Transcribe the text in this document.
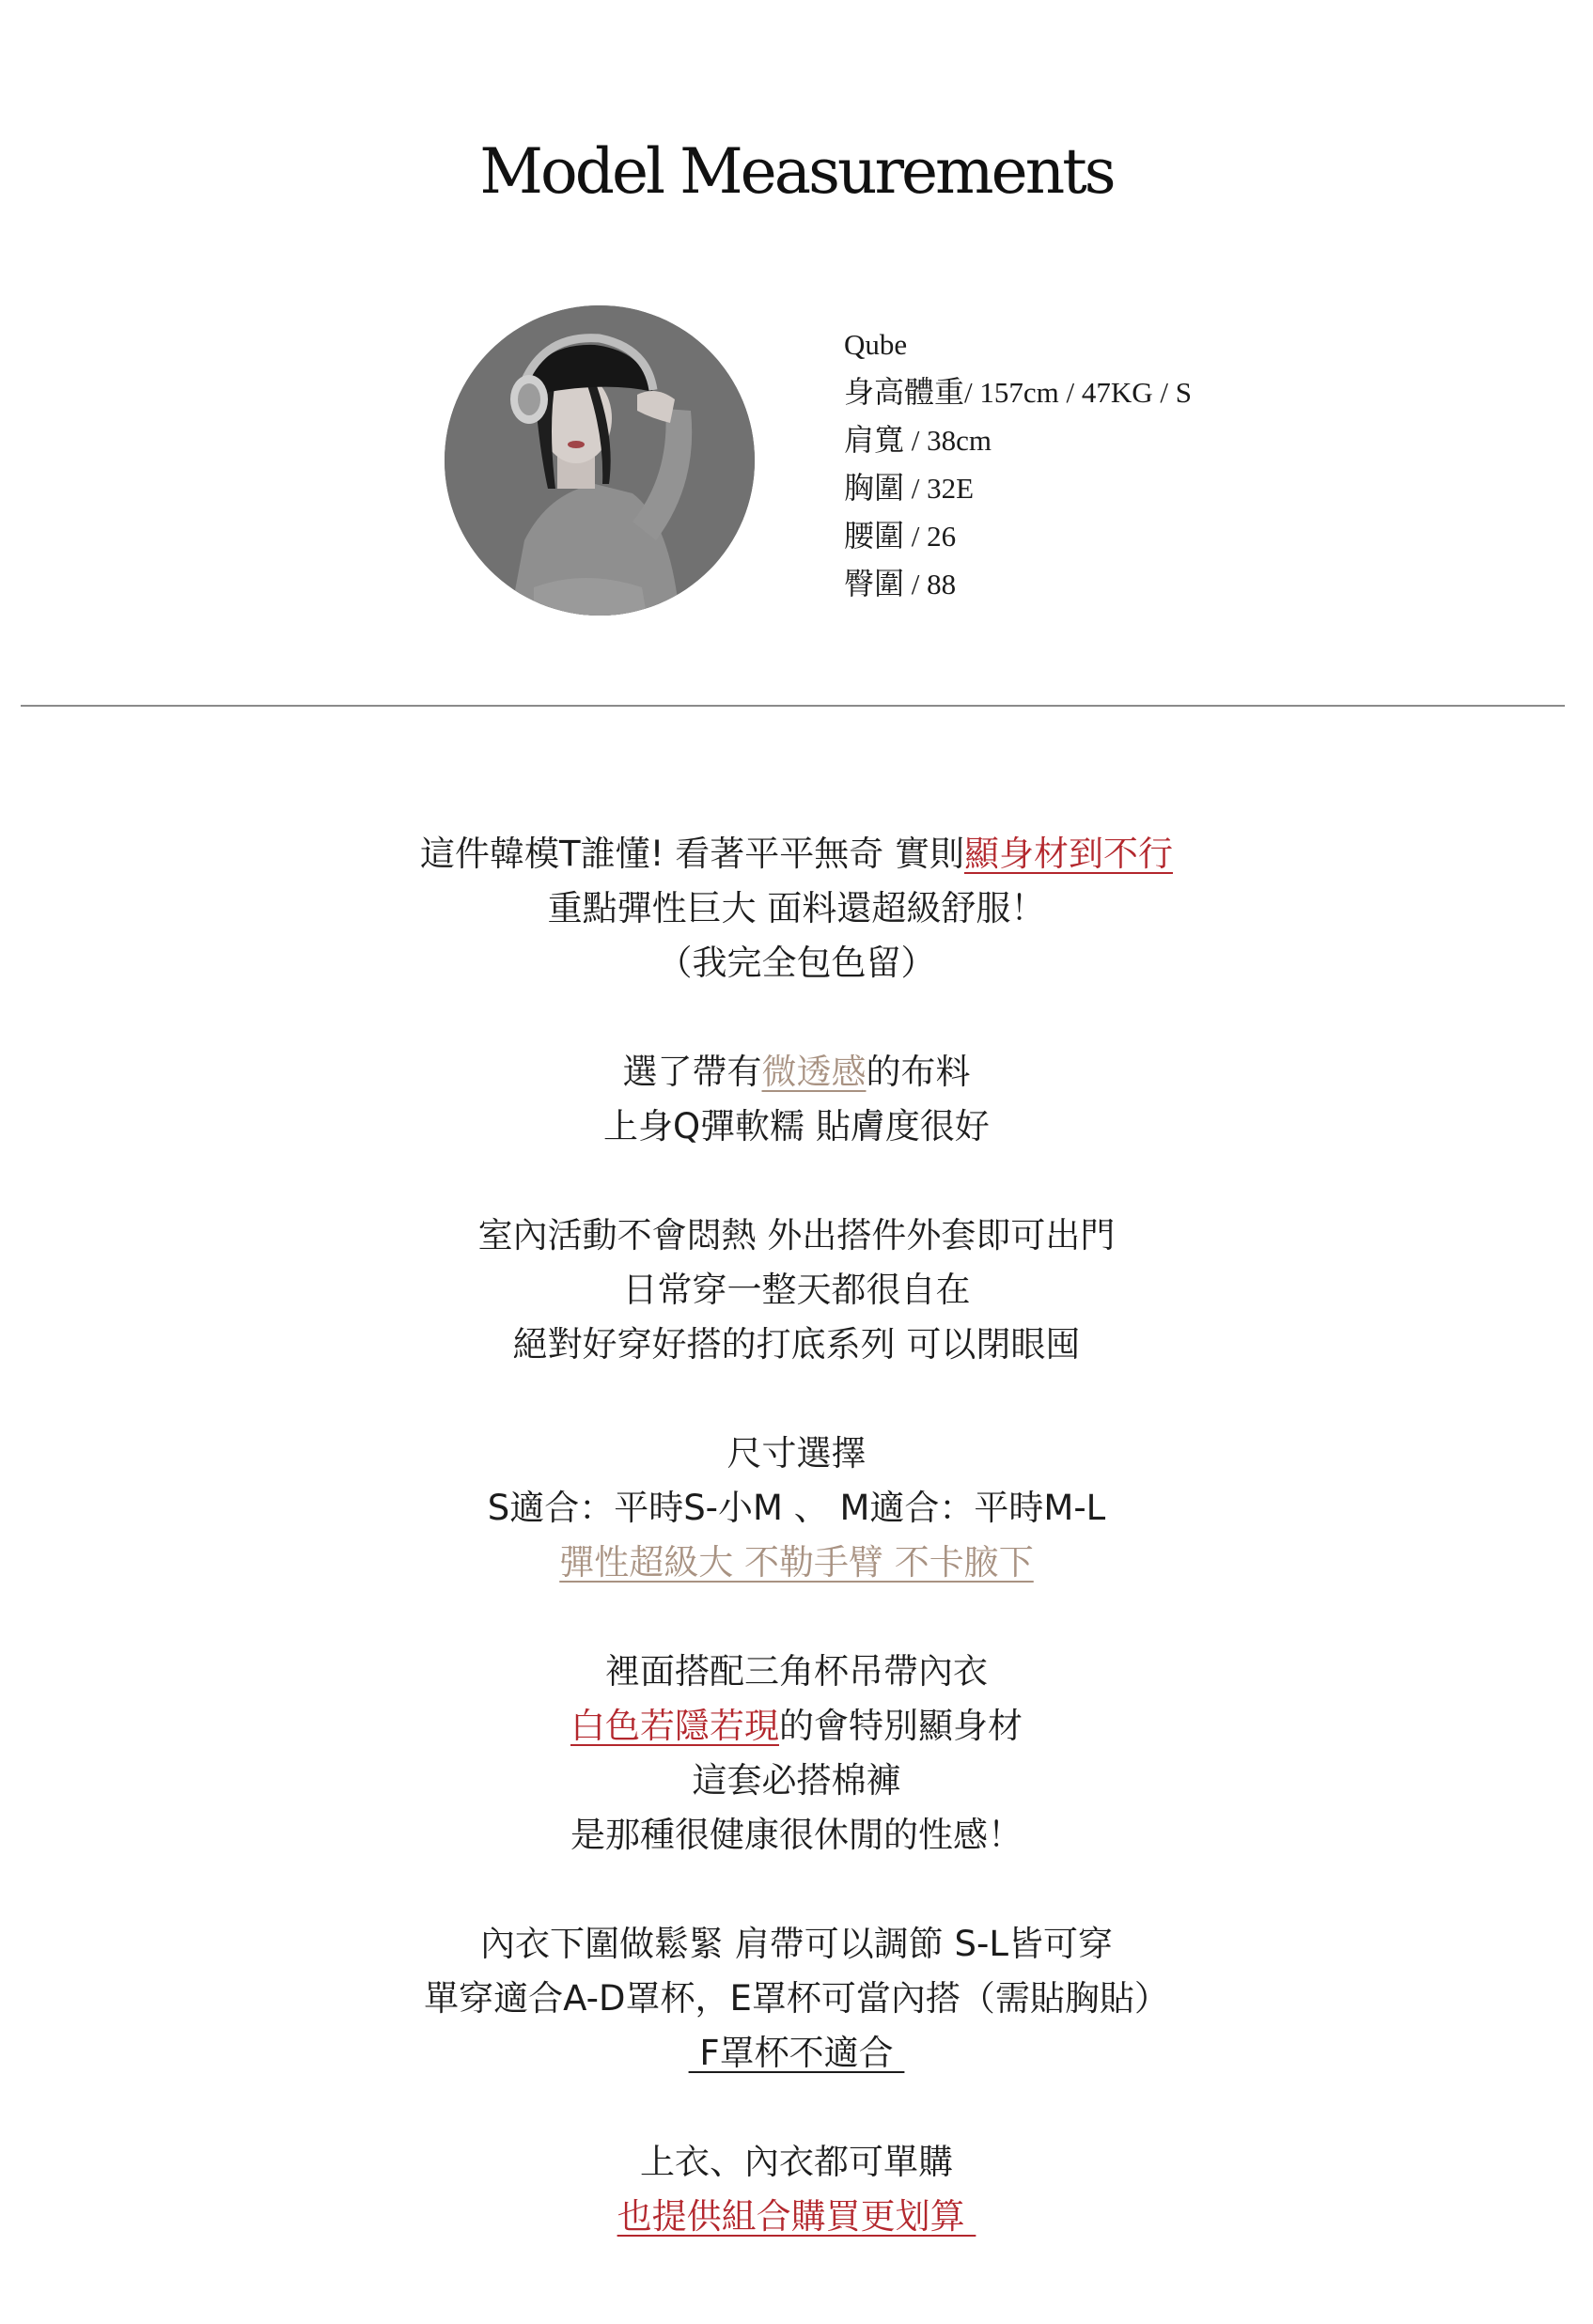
Model Measurements
Qube
身高體重/ 157cm / 47KG / S
肩寬 / 38cm
胸圍 / 32E
腰圍 / 26
臀圍 / 88
這件韓模T誰懂! 看著平平無奇 實則顯身材到不行
重點彈性巨大 面料還超級舒服！
（我完全包色留）
選了帶有微透感的布料
上身Q彈軟糯 貼膚度很好
室內活動不會悶熱 外出搭件外套即可出門
日常穿一整天都很自在
絕對好穿好搭的打底系列 可以閉眼囤
尺寸選擇
S適合：平時S-小M 、 M適合：平時M-L
彈性超級大 不勒手臂 不卡腋下
裡面搭配三角杯吊帶內衣
白色若隱若現的會特別顯身材
這套必搭棉褲
是那種很健康很休閒的性感！
內衣下圍做鬆緊 肩帶可以調節 S-L皆可穿
單穿適合A-D罩杯，E罩杯可當內搭（需貼胸貼）
F罩杯不適合
上衣、內衣都可單購
也提供組合購買更划算
